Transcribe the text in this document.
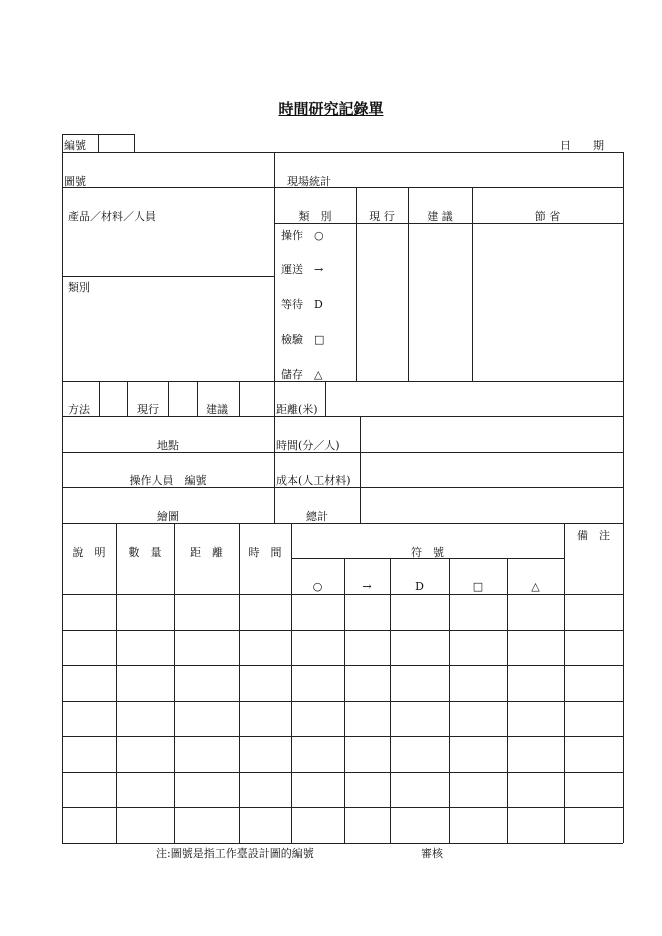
時間研究記錄單
編號	日　　期
圖號	現場統計
產品／材料／人員
類別
類　別	現 行	建 議	節 省
操作　○
運送　→
等待　D
檢驗　□
儲存　△
方法	現行	建議	距離(米)
地點	時間(分／人)
操作人員　編號	成本(人工材料)
繪圖	總計
說　明	數　量	距　離	時　間	符　號
備　注
○	→	D	□	△
注:圖號是指工作臺設計圖的編號	審核
